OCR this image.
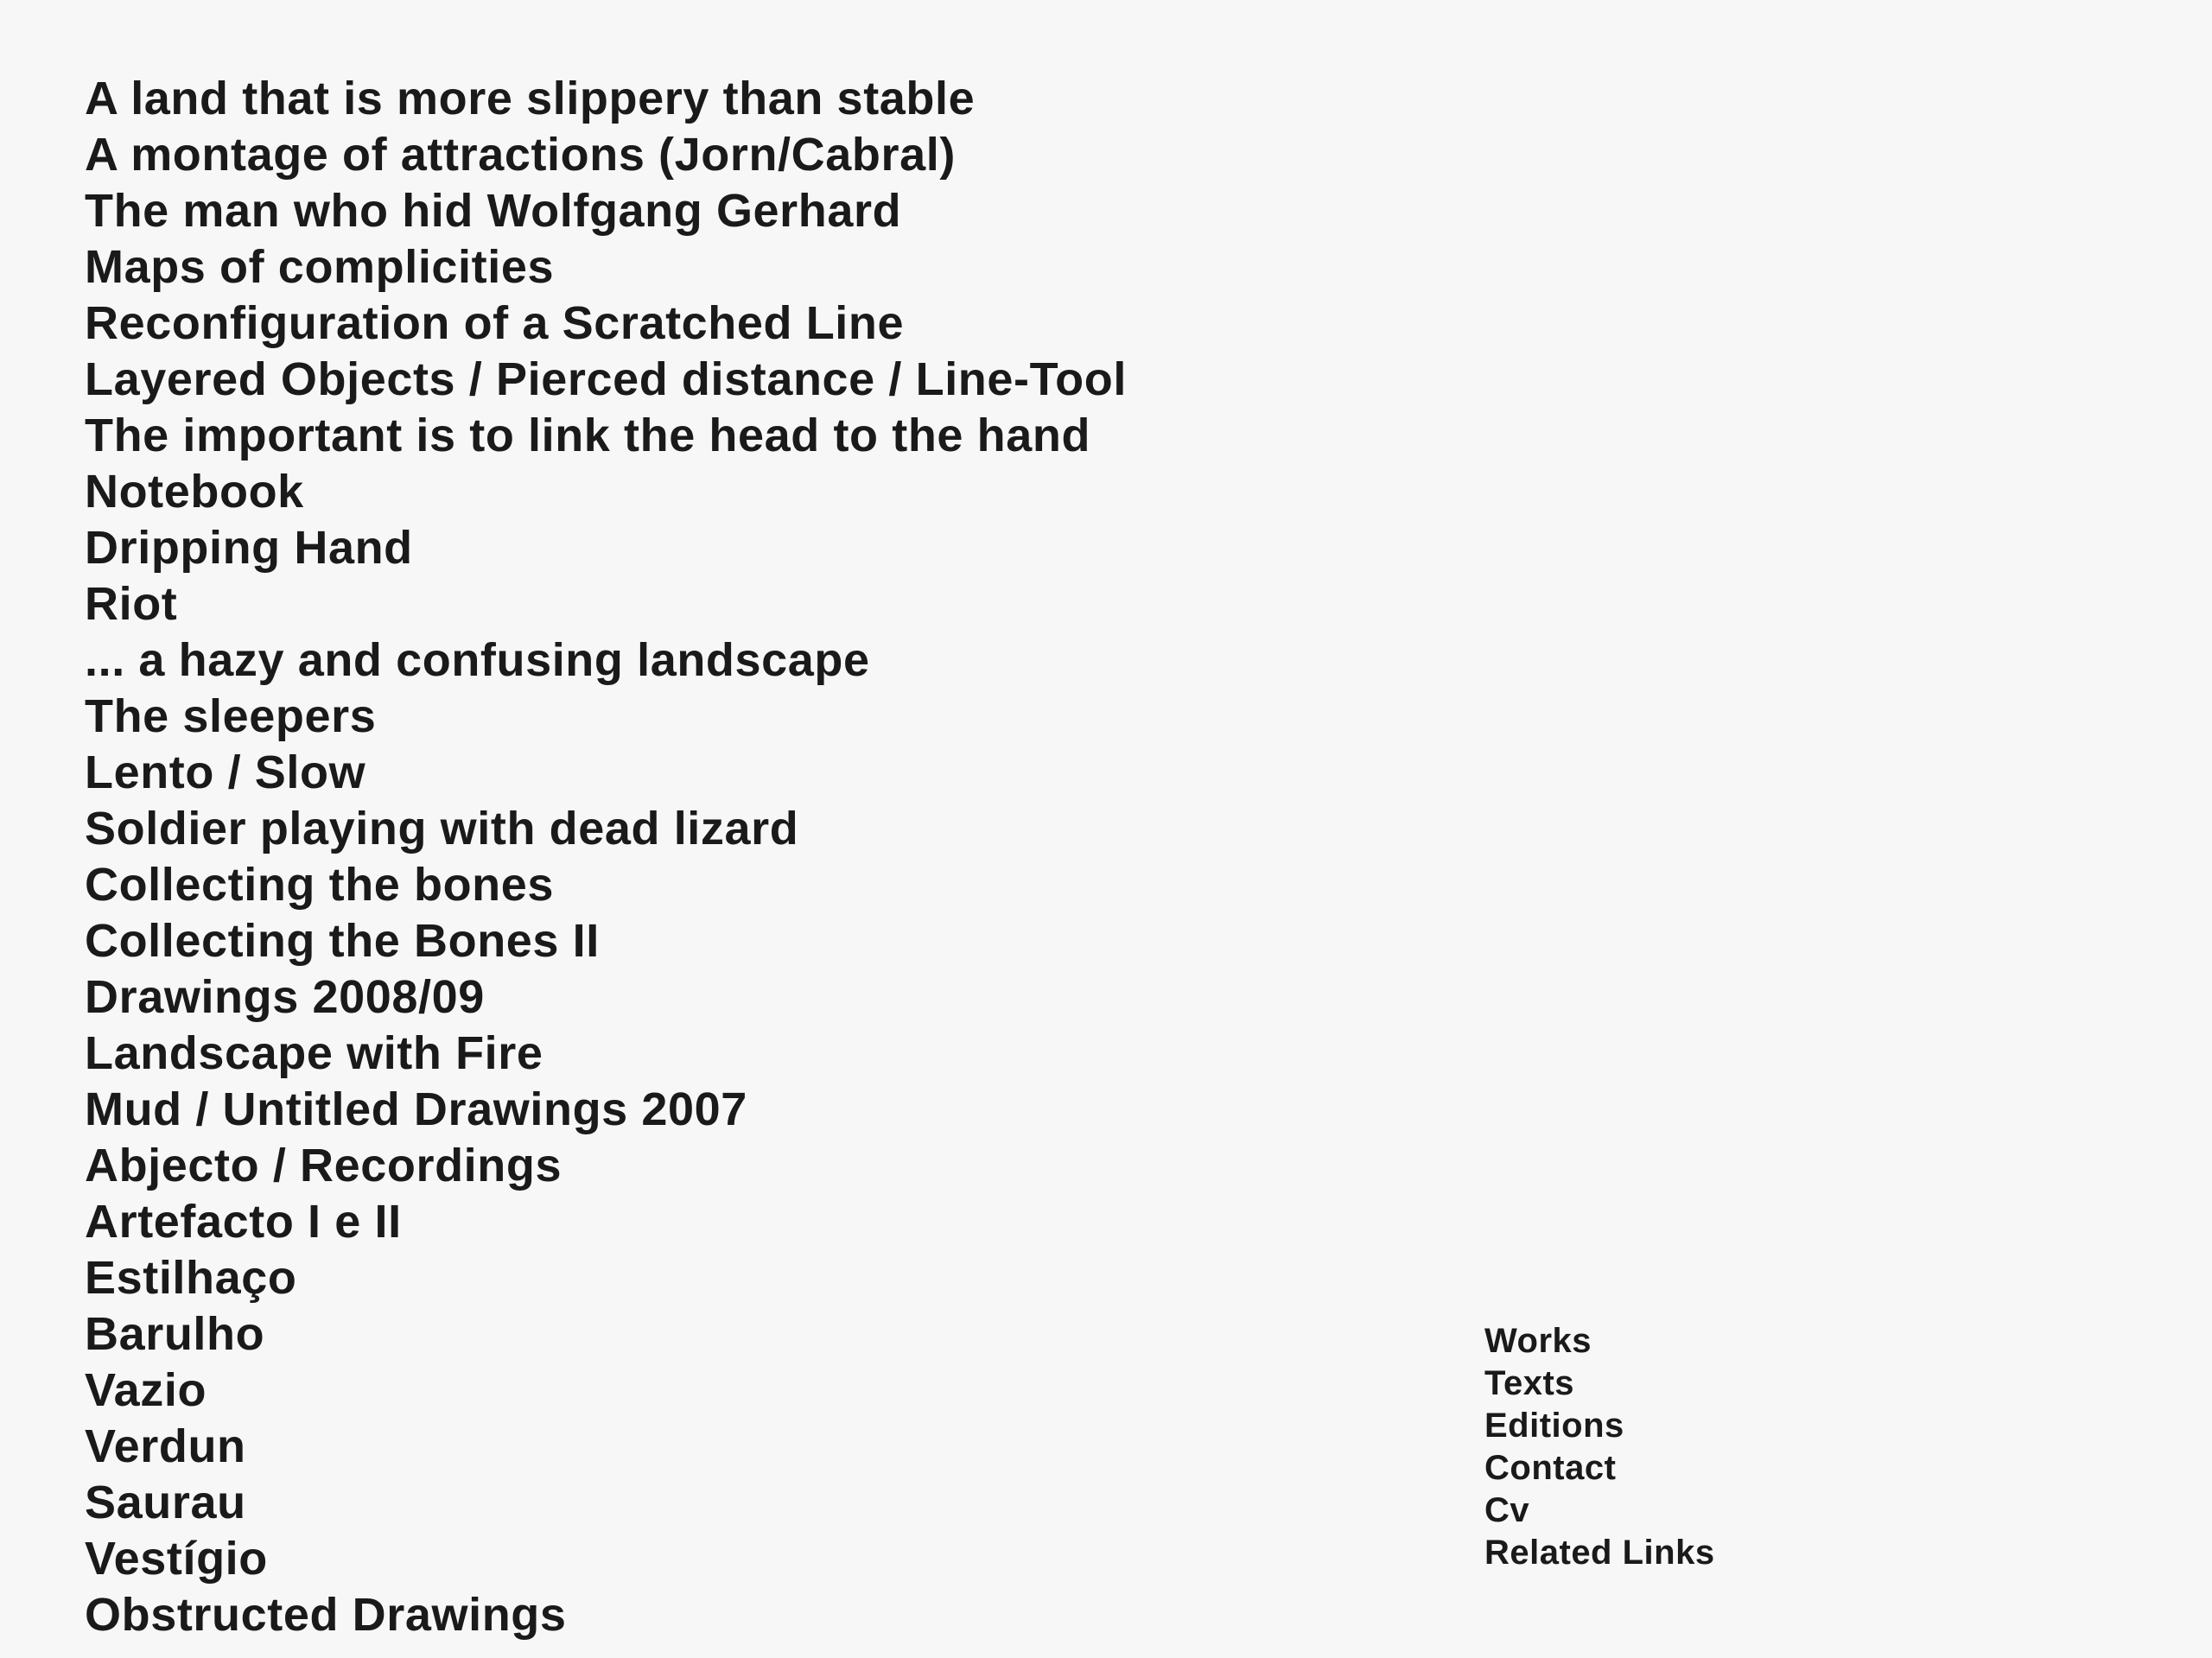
A land that is more slippery than stable
A montage of attractions (Jorn/Cabral)
The man who hid Wolfgang Gerhard
Maps of complicities
Reconfiguration of a Scratched Line
Layered Objects / Pierced distance / Line-Tool
The important is to link the head to the hand
Notebook
Dripping Hand
Riot
... a hazy and confusing landscape
The sleepers
Lento / Slow
Soldier playing with dead lizard
Collecting the bones
Collecting the Bones II
Drawings 2008/09
Landscape with Fire
Mud / Untitled Drawings 2007
Abjecto / Recordings
Artefacto I e II
Estilhaço
Barulho
Vazio
Verdun
Saurau
Vestígio
Obstructed Drawings
Works
Texts
Editions
Contact
Cv
Related Links
